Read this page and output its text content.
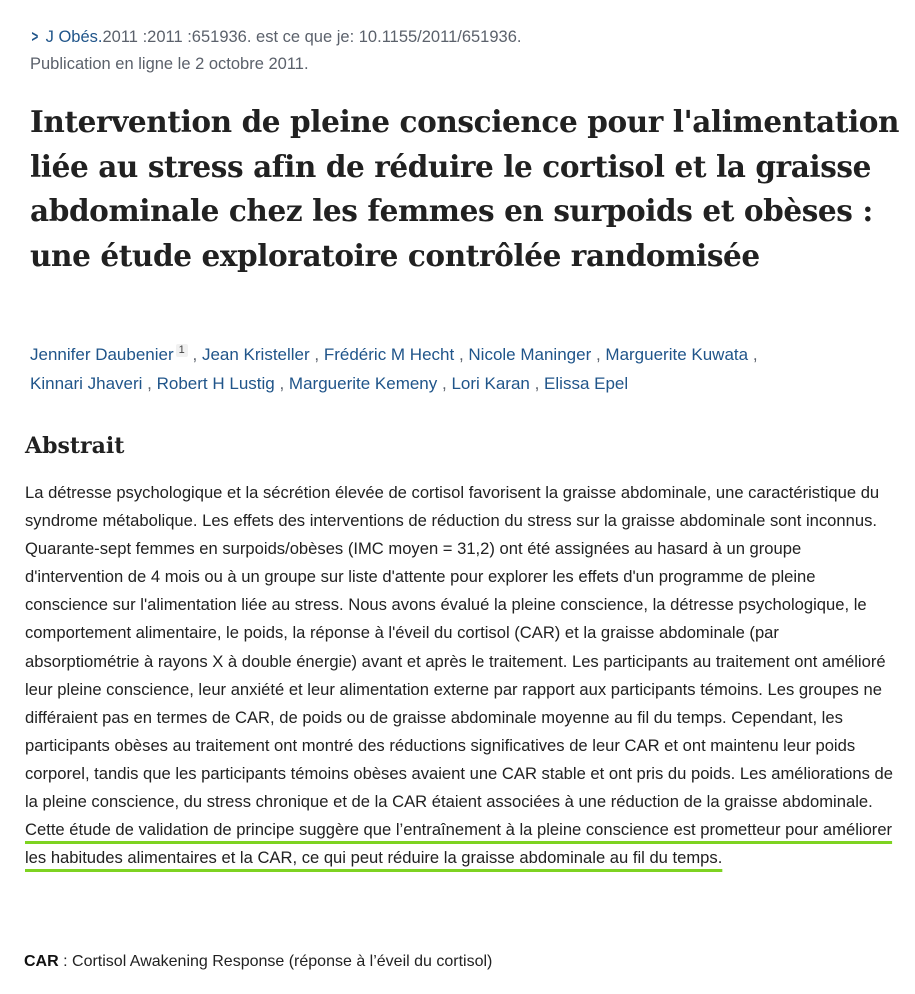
> J Obés.2011 :2011 :651936. est ce que je: 10.1155/2011/651936.
Publication en ligne le 2 octobre 2011.
Intervention de pleine conscience pour l'alimentation liée au stress afin de réduire le cortisol et la graisse abdominale chez les femmes en surpoids et obèses : une étude exploratoire contrôlée randomisée
Jennifer Daubenier 1 , Jean Kristeller , Frédéric M Hecht , Nicole Maninger , Marguerite Kuwata ,
Kinnari Jhaveri , Robert H Lustig , Marguerite Kemeny , Lori Karan , Elissa Epel
Abstrait

La détresse psychologique et la sécrétion élevée de cortisol favorisent la graisse abdominale, une caractéristique du syndrome métabolique. Les effets des interventions de réduction du stress sur la graisse abdominale sont inconnus. Quarante-sept femmes en surpoids/obèses (IMC moyen = 31,2) ont été assignées au hasard à un groupe d'intervention de 4 mois ou à un groupe sur liste d'attente pour explorer les effets d'un programme de pleine conscience sur l'alimentation liée au stress. Nous avons évalué la pleine conscience, la détresse psychologique, le comportement alimentaire, le poids, la réponse à l'éveil du cortisol (CAR) et la graisse abdominale (par absorptiométrie à rayons X à double énergie) avant et après le traitement. Les participants au traitement ont amélioré leur pleine conscience, leur anxiété et leur alimentation externe par rapport aux participants témoins. Les groupes ne différaient pas en termes de CAR, de poids ou de graisse abdominale moyenne au fil du temps. Cependant, les participants obèses au traitement ont montré des réductions significatives de leur CAR et ont maintenu leur poids corporel, tandis que les participants témoins obèses avaient une CAR stable et ont pris du poids. Les améliorations de la pleine conscience, du stress chronique et de la CAR étaient associées à une réduction de la graisse abdominale. Cette étude de validation de principe suggère que l’entraînement à la pleine conscience est prometteur pour améliorer les habitudes alimentaires et la CAR, ce qui peut réduire la graisse abdominale au fil du temps.

CAR : Cortisol Awakening Response (réponse à l’éveil du cortisol)
